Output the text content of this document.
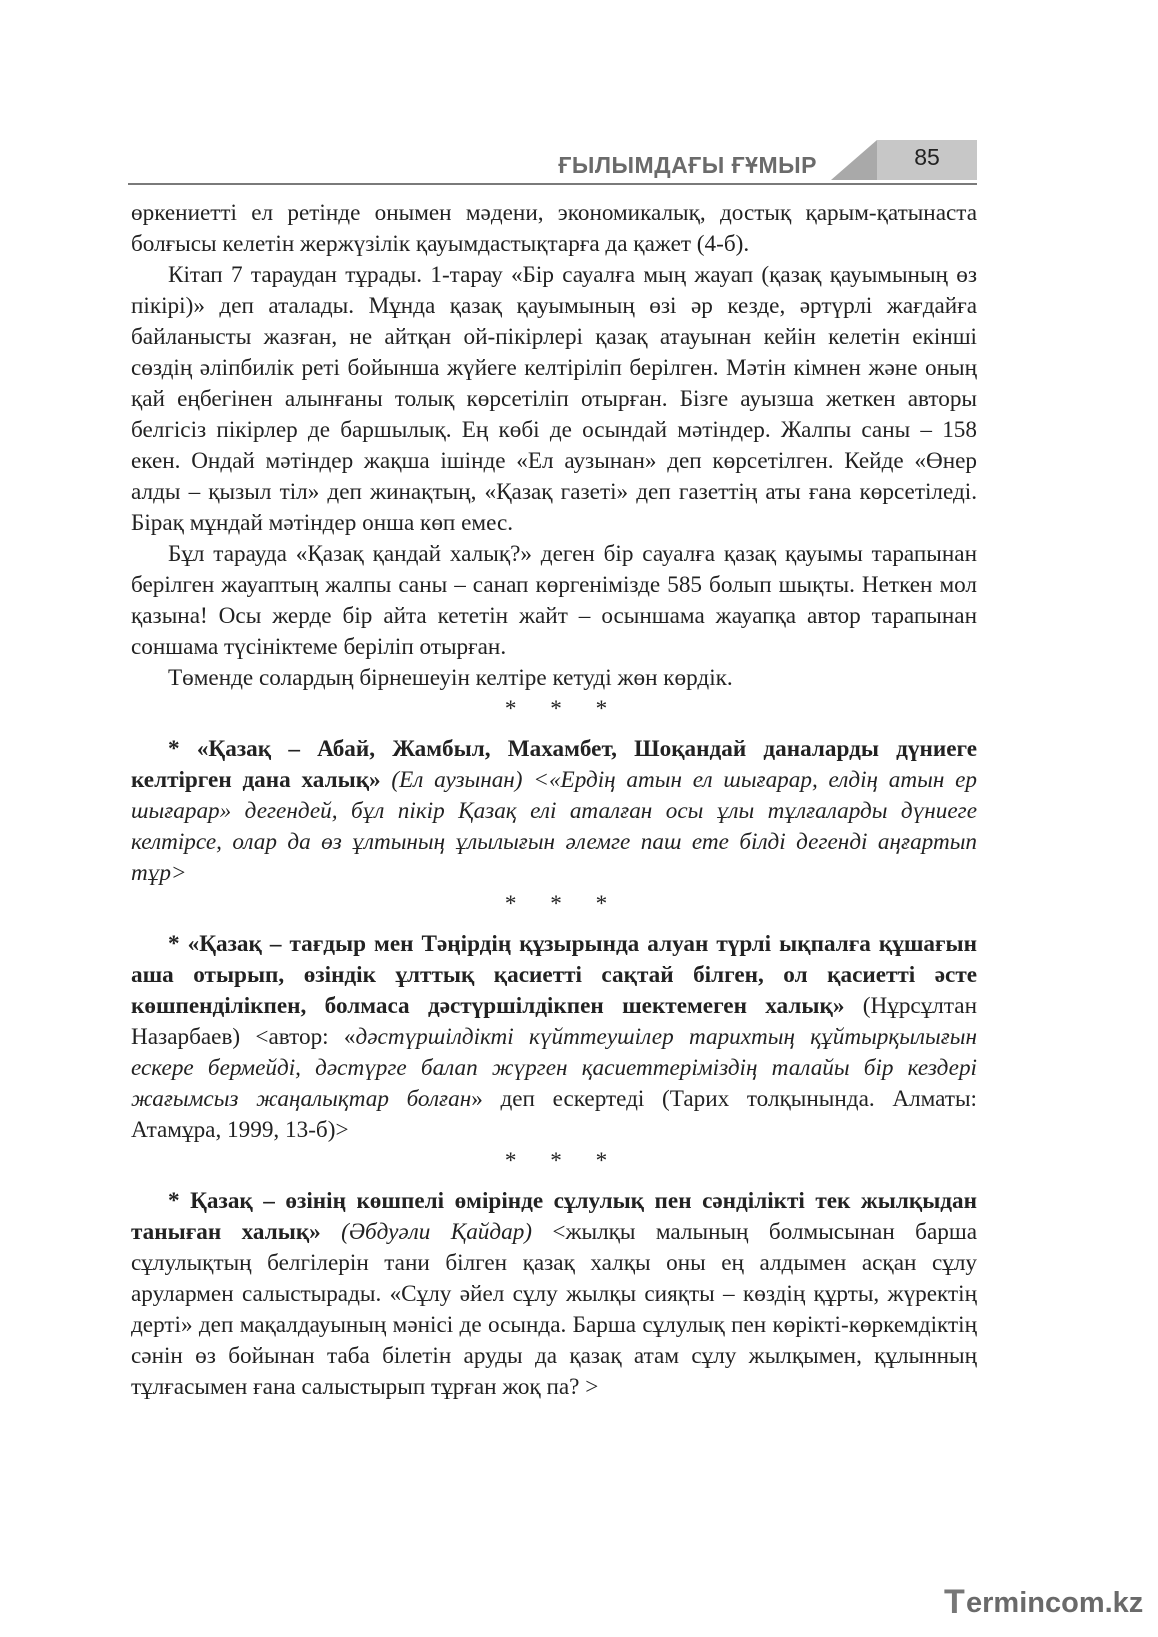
ҒЫЛЫМДАҒЫ ҒҰМЫР	85

өркениетті ел ретінде онымен мәдени, экономикалық, достық қарым-қатынаста болғысы келетін жержүзілік қауымдастықтарға да қажет (4-б).

Кітап 7 тараудан тұрады. 1-тарау «Бір сауалға мың жауап (қазақ қауымының өз пікірі)» деп аталады. Мұнда қазақ қауымының өзі әр кезде, әртүрлі жағдайға байланысты жазған, не айтқан ой-пікірлері қазақ атауынан кейін келетін екінші сөздің әліпбилік реті бойынша жүйеге келтіріліп берілген. Мәтін кімнен және оның қай еңбегінен алынғаны толық көрсетіліп отырған. Бізге ауызша жеткен авторы белгісіз пікірлер де баршылық. Ең көбі де осындай мәтіндер. Жалпы саны – 158 екен. Ондай мәтіндер жақша ішінде «Ел аузынан» деп көрсетілген. Кейде «Өнер алды – қызыл тіл» деп жинақтың, «Қазақ газеті» деп газеттің аты ғана көрсетіледі. Бірақ мұндай мәтіндер онша көп емес.

Бұл тарауда «Қазақ қандай халық?» деген бір сауалға қазақ қауымы тарапынан берілген жауаптың жалпы саны – санап көргенімізде 585 болып шықты. Неткен мол қазына! Осы жерде бір айта кететін жайт – осыншама жауапқа автор тарапынан соншама түсініктеме беріліп отырған.

Төменде солардың бірнешеуін келтіре кетуді жөн көрдік.

* * *

* «Қазақ – Абай, Жамбыл, Махамбет, Шоқандай даналарды дүниеге келтірген дана халық» (Ел аузынан) <«Ердің атын ел шығарар, елдің атын ер шығарар» дегендей, бұл пікір Қазақ елі аталған осы ұлы тұлғаларды дүниеге келтірсе, олар да өз ұлтының ұлылығын әлемге паш ете білді дегенді аңғартып тұр>

* * *

* «Қазақ – тағдыр мен Тәңірдің құзырында алуан түрлі ықпалға құшағын аша отырып, өзіндік ұлттық қасиетті сақтай білген, ол қасиетті әсте көшпенділікпен, болмаса дәстүршілдікпен шектемеген халық» (Нұрсұлтан Назарбаев) <автор: «дәстүршілдікті күйттеушілер тарихтың құйтырқылығын ескере бермейді, дәстүрге балап жүрген қасиеттеріміздің талайы бір кездері жағымсыз жаңалықтар болған» деп ескертеді (Тарих толқынында. Алматы: Атамұра, 1999, 13-б)>

* * *

* Қазақ – өзінің көшпелі өмірінде сұлулық пен сәнділікті тек жылқыдан таныған халық» (Әбдуәли Қайдар) <жылқы малының болмысынан барша сұлулықтың белгілерін тани білген қазақ халқы оны ең алдымен асқан сұлу арулармен салыстырады. «Сұлу әйел сұлу жылқы сияқты – көздің құрты, жүректің дерті» деп мақалдауының мәнісі де осында. Барша сұлулық пен көрікті-көркемдіктің сәнін өз бойынан таба білетін аруды да қазақ атам сұлу жылқымен, құлынның тұлғасымен ғана салыстырып тұрған жоқ па? >

T ermincom.kz
